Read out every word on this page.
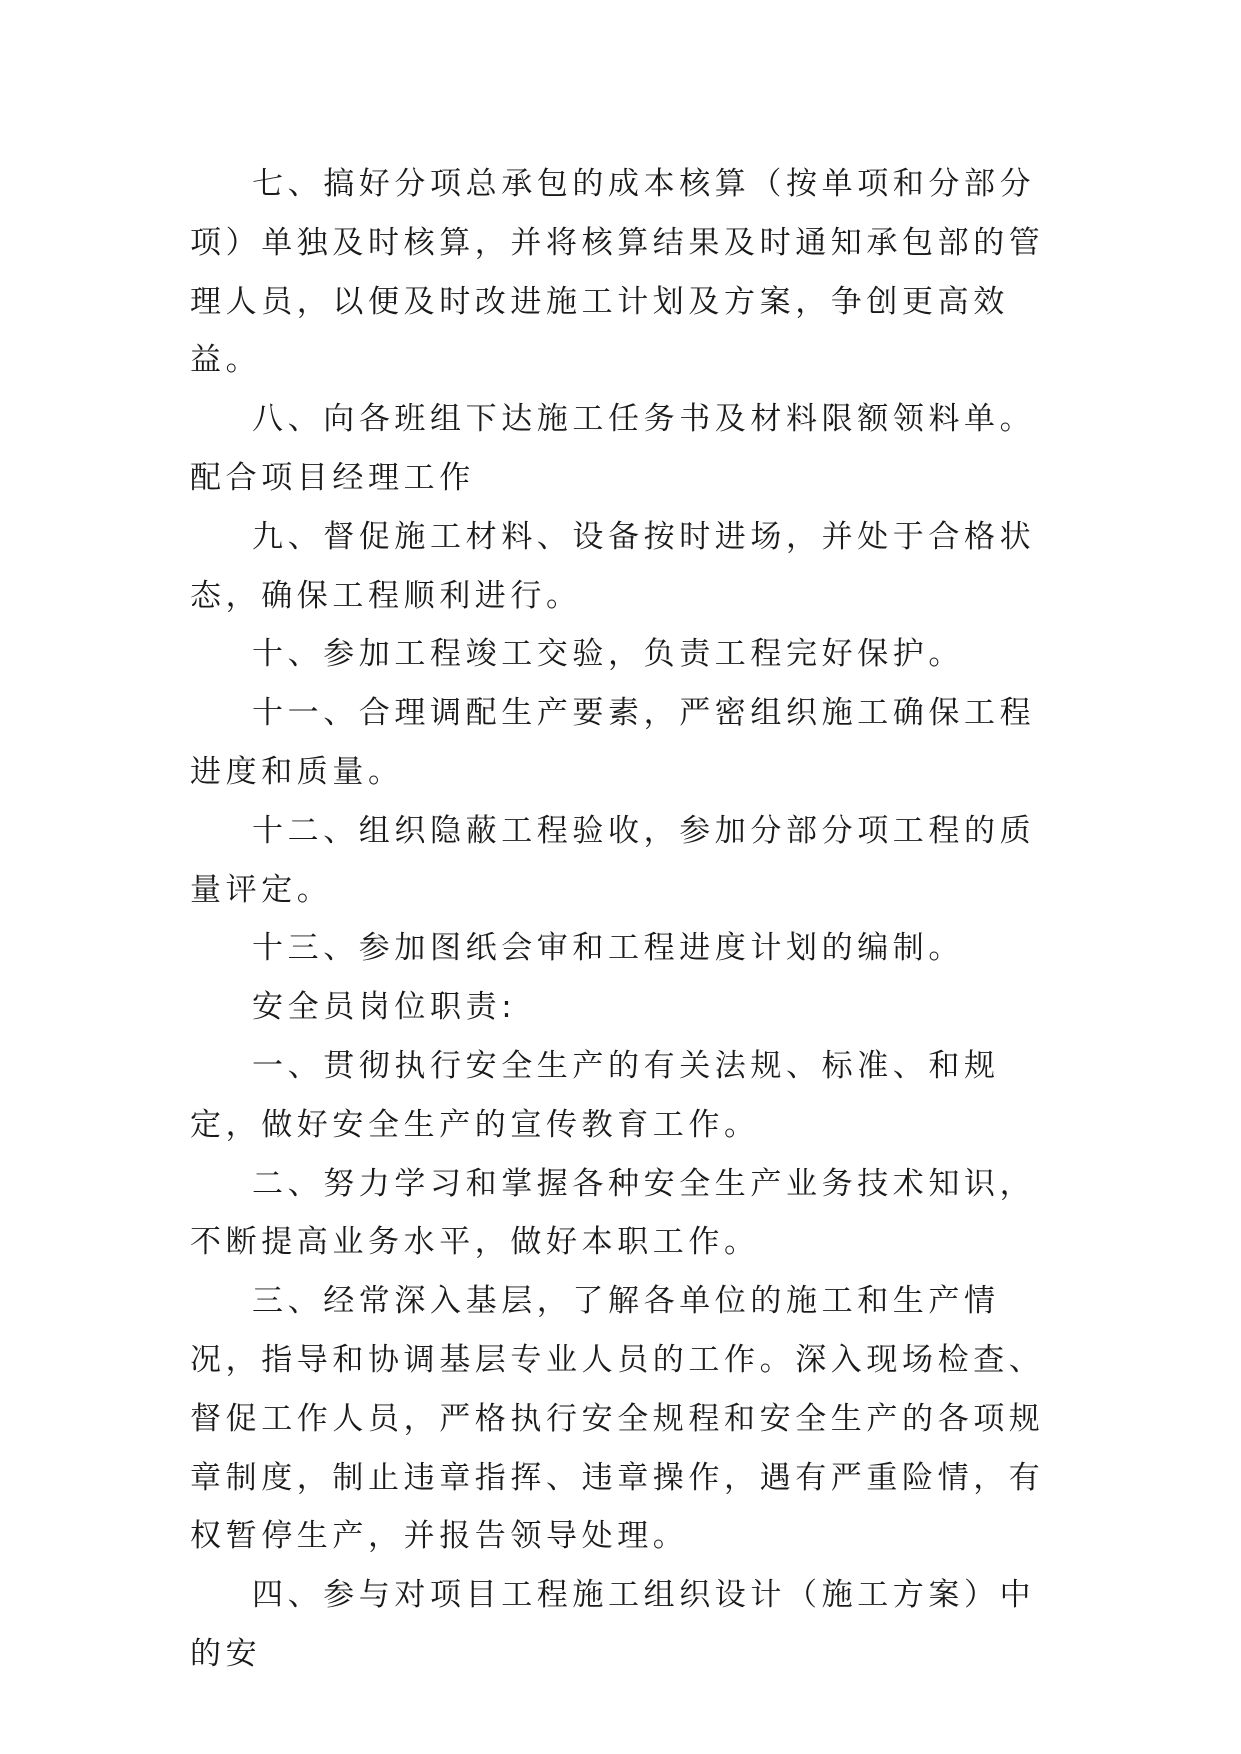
七、搞好分项总承包的成本核算（按单项和分部分项）单独及时核算，并将核算结果及时通知承包部的管理人员，以便及时改进施工计划及方案，争创更高效益。

八、向各班组下达施工任务书及材料限额领料单。配合项目经理工作

九、督促施工材料、设备按时进场，并处于合格状态，确保工程顺利进行。

十、参加工程竣工交验，负责工程完好保护。

十一、合理调配生产要素，严密组织施工确保工程进度和质量。

十二、组织隐蔽工程验收，参加分部分项工程的质量评定。

十三、参加图纸会审和工程进度计划的编制。

安全员岗位职责:

一、贯彻执行安全生产的有关法规、标准、和规定，做好安全生产的宣传教育工作。

二、努力学习和掌握各种安全生产业务技术知识，不断提高业务水平，做好本职工作。

三、经常深入基层，了解各单位的施工和生产情况，指导和协调基层专业人员的工作。深入现场检查、督促工作人员，严格执行安全规程和安全生产的各项规章制度，制止违章指挥、违章操作，遇有严重险情，有权暂停生产，并报告领导处理。

四、参与对项目工程施工组织设计（施工方案）中的安
